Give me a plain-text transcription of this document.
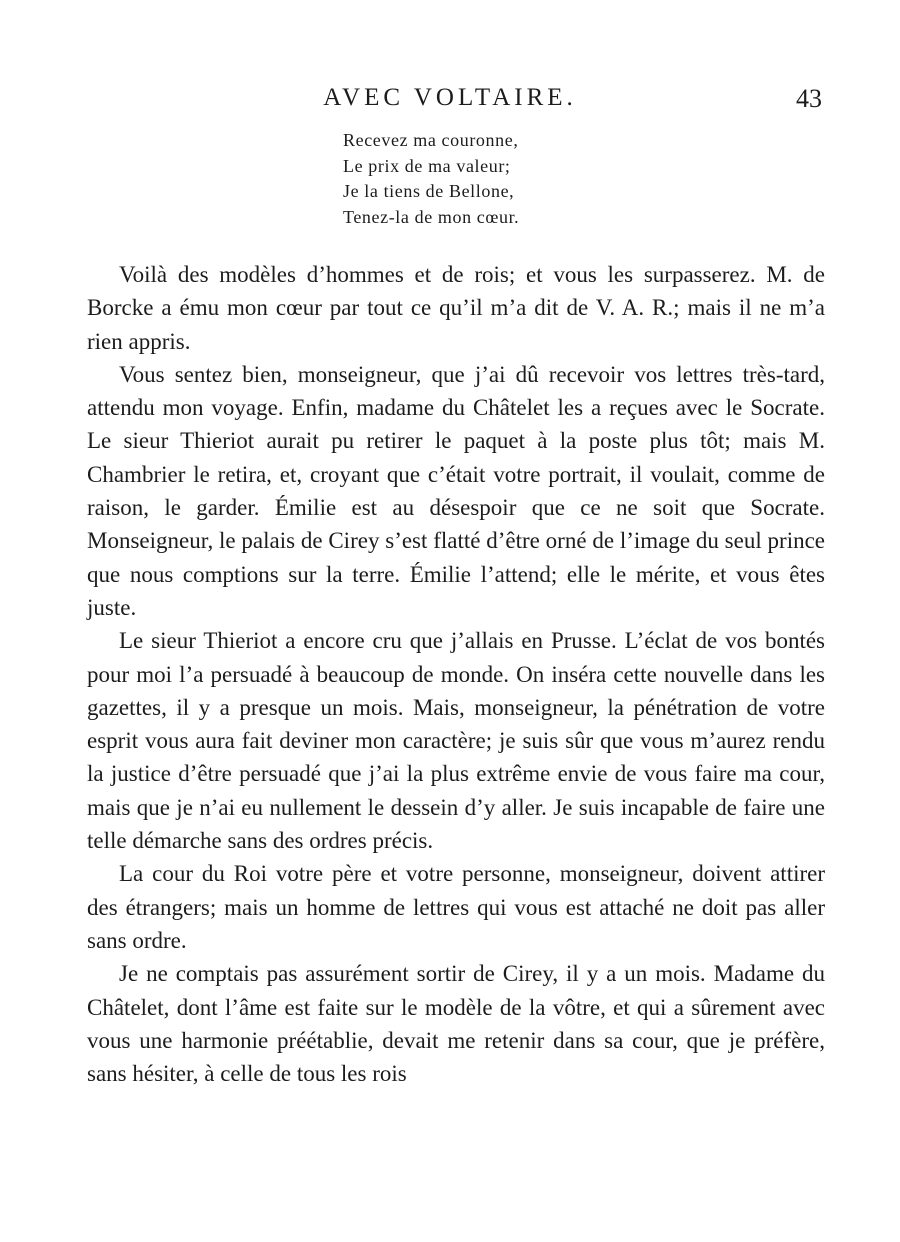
AVEC VOLTAIRE.	43
Recevez ma couronne,
Le prix de ma valeur;
Je la tiens de Bellone,
Tenez-la de mon cœur.

Voilà des modèles d’hommes et de rois; et vous les surpasserez. M. de Borcke a ému mon cœur par tout ce qu’il m’a dit de V. A. R.; mais il ne m’a rien appris.

Vous sentez bien, monseigneur, que j’ai dû recevoir vos lettres très-tard, attendu mon voyage. Enfin, madame du Châtelet les a reçues avec le Socrate. Le sieur Thieriot aurait pu retirer le paquet à la poste plus tôt; mais M. Chambrier le retira, et, croyant que c’était votre portrait, il voulait, comme de raison, le garder. Émilie est au désespoir que ce ne soit que Socrate. Monseigneur, le palais de Cirey s’est flatté d’être orné de l’image du seul prince que nous comptions sur la terre. Émilie l’attend; elle le mérite, et vous êtes juste.

Le sieur Thieriot a encore cru que j’allais en Prusse. L’éclat de vos bontés pour moi l’a persuadé à beaucoup de monde. On inséra cette nouvelle dans les gazettes, il y a presque un mois. Mais, monseigneur, la pénétration de votre esprit vous aura fait deviner mon caractère; je suis sûr que vous m’aurez rendu la justice d’être persuadé que j’ai la plus extrême envie de vous faire ma cour, mais que je n’ai eu nullement le dessein d’y aller. Je suis incapable de faire une telle démarche sans des ordres précis.

La cour du Roi votre père et votre personne, monseigneur, doivent attirer des étrangers; mais un homme de lettres qui vous est attaché ne doit pas aller sans ordre.

Je ne comptais pas assurément sortir de Cirey, il y a un mois. Madame du Châtelet, dont l’âme est faite sur le modèle de la vôtre, et qui a sûrement avec vous une harmonie préétablie, devait me retenir dans sa cour, que je préfère, sans hésiter, à celle de tous les rois
